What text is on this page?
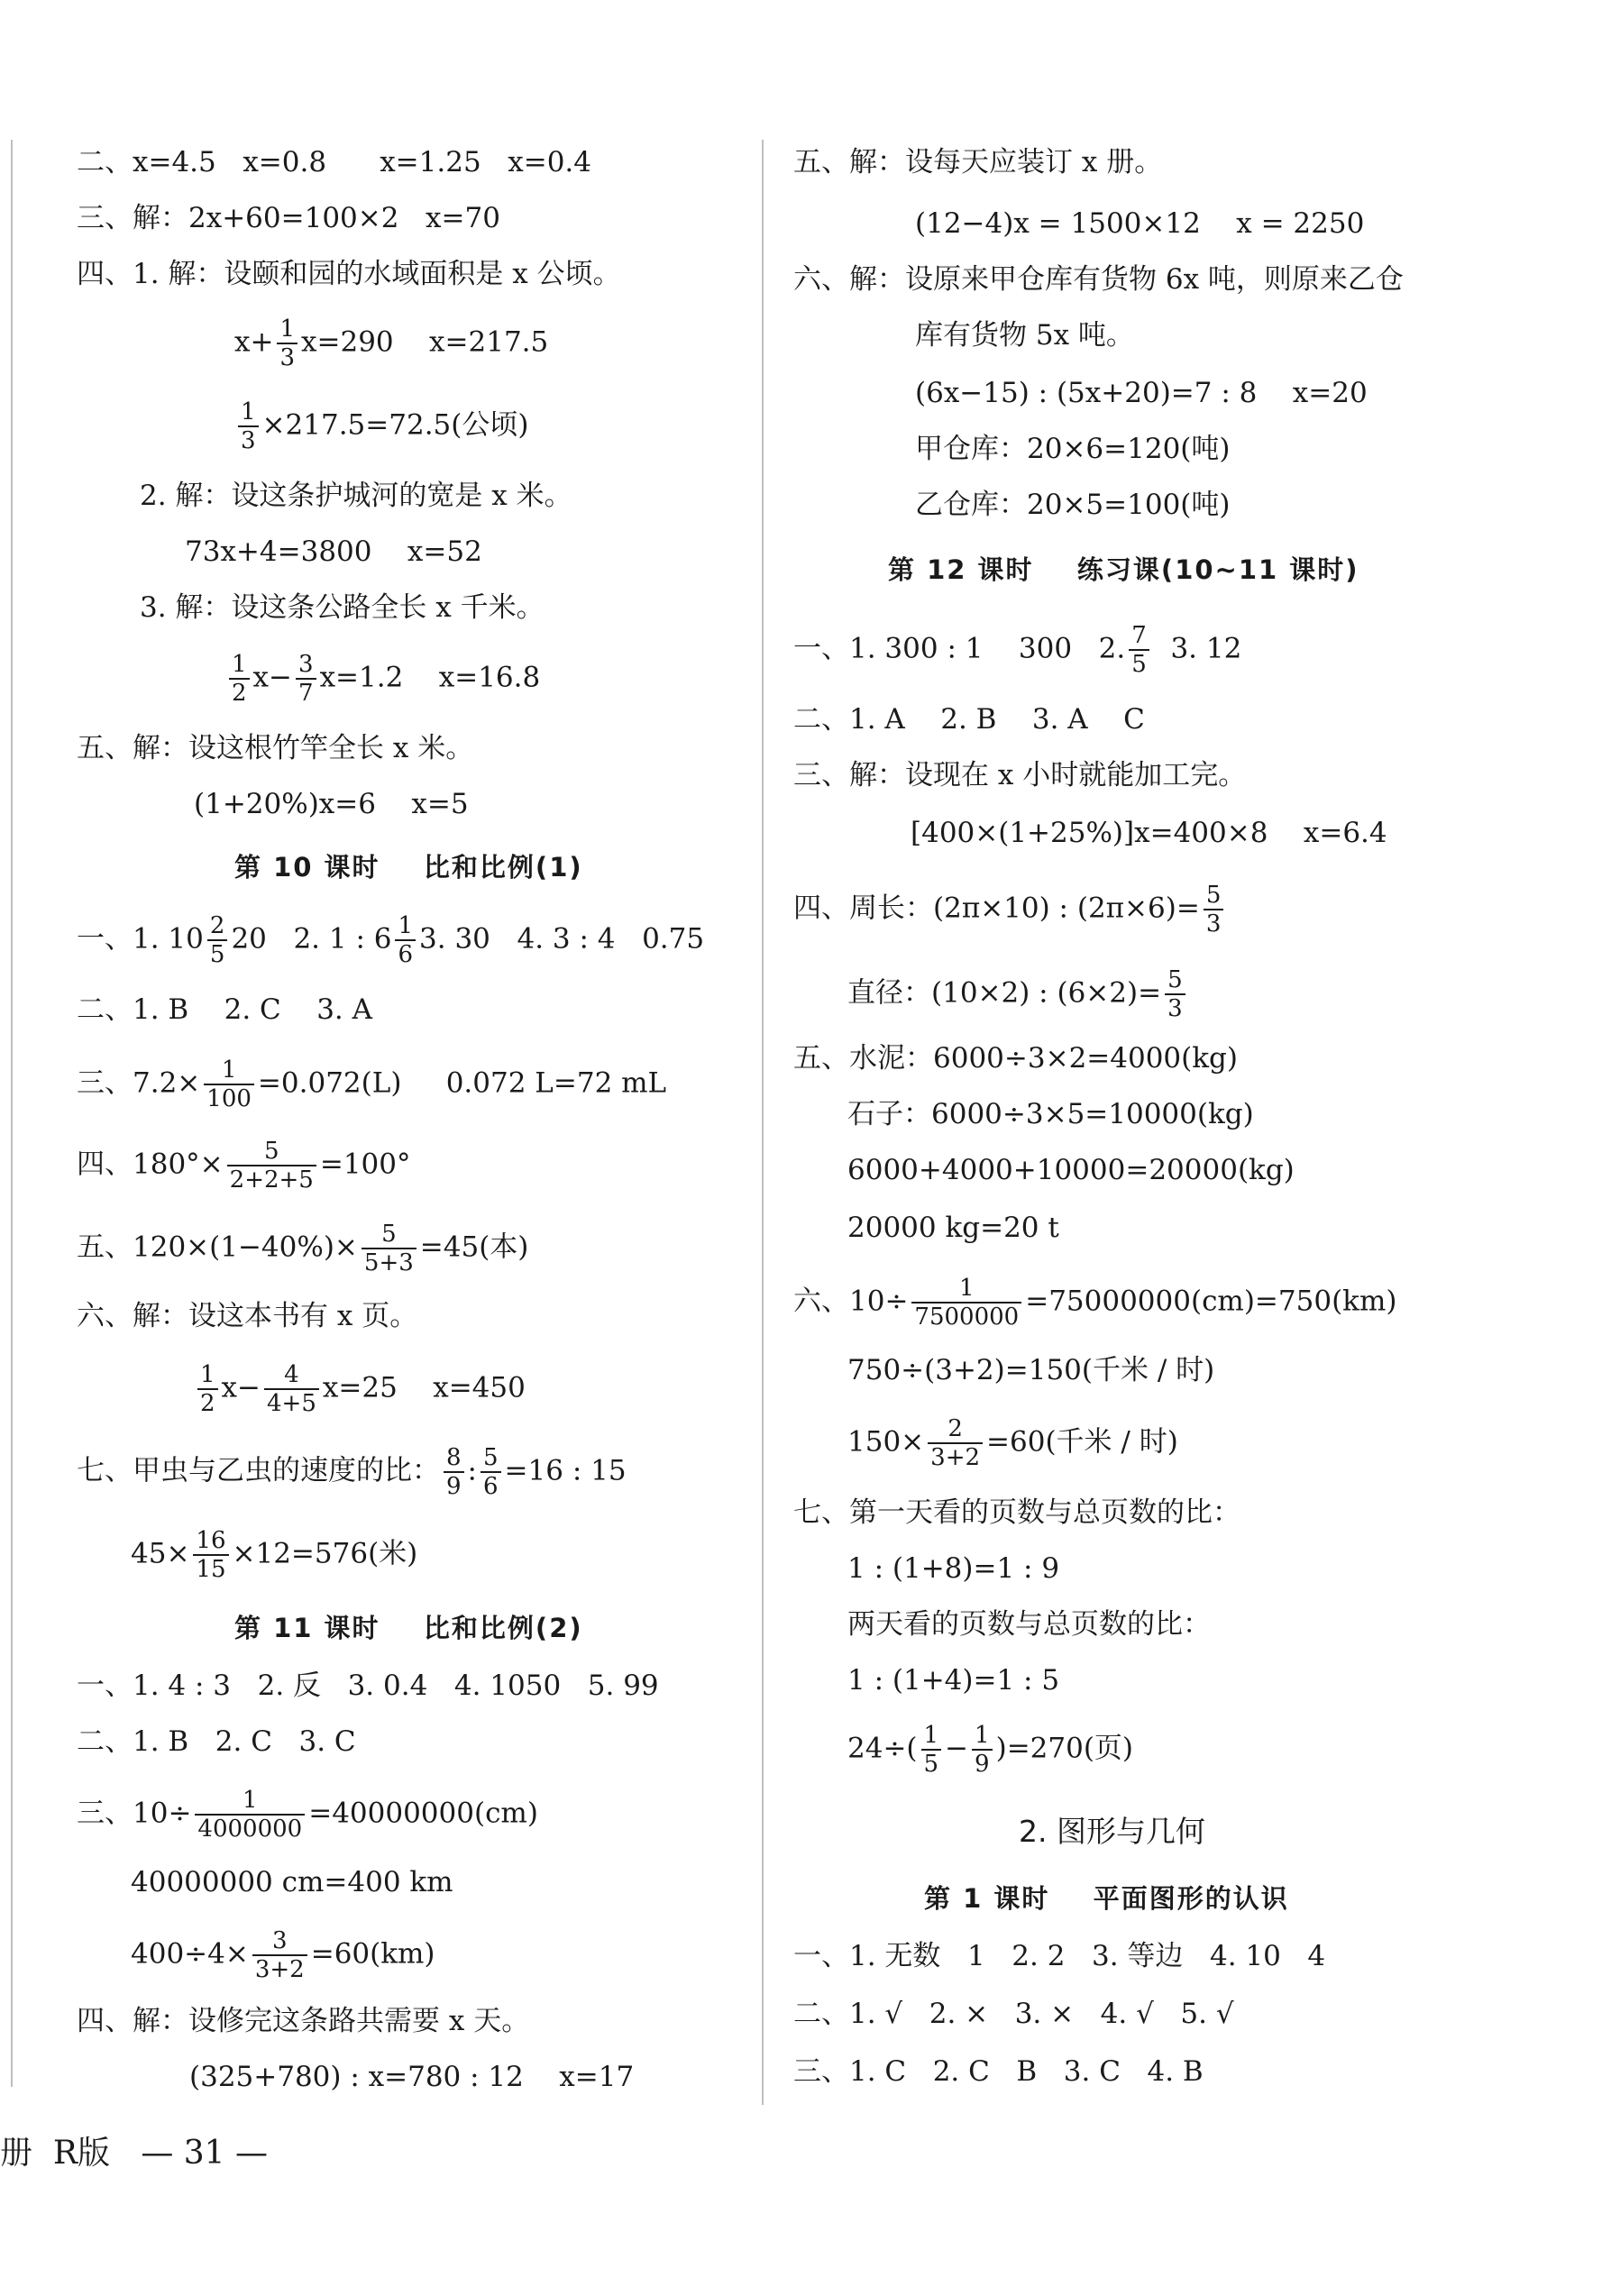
二、x=4.5   x=0.8      x=1.25   x=0.4
三、解：2x+60=100×2   x=70
四、1. 解：设颐和园的水域面积是 x 公顷。
$x+ \frac{1}{3} x=290$    x=217.5
$\frac{1}{3} \times 217.5=72.5$(公顷)
2. 解：设这条护城河的宽是 x 米。
73x+4=3800    x=52
3. 解：设这条公路全长 x 千米。
$\frac{1}{2} x- \frac{3}{7} x=1.2$    x=16.8
五、解：设这根竹竿全长 x 米。
(1+20%)x=6    x=5
第 10 课时    比和比例(1)
一、1. $10 \frac{2}{5} 20$   2. 1 : $6 \frac{1}{6} 3$. 30   4. 3 : 4   0.75
二、1. B    2. C    3. A
三、$7.2\times \frac{1}{100} =0.072(L)$     0.072 L=72 mL
四、$180^\circ\times \frac{5}{2+2+5} =100^\circ$
五、$120\times(1-40\%)\times \frac{5}{5+3} =45$(本)
六、解：设这本书有 x 页。
$\frac{1}{2} x- \frac{4}{4+5} x=25$    x=450
七、甲虫与乙虫的速度的比： $\frac{8}{9}$ : $\frac{5}{6} =16$ : 15
$45\times \frac{16}{15} \times 12=576$(米)
第 11 课时    比和比例(2)
一、1. 4 : 3   2. 反   3. 0.4   4. 1050   5. 99
二、1. B   2. C   3. C
三、$10\div \frac{1}{4000000} =40000000(cm)$
40000000 cm=400 km
$400\div 4\times \frac{3}{3+2} =60(km)$
四、解：设修完这条路共需要 x 天。
(325+780) : x=780 : 12    x=17
五、解：设每天应装订 x 册。
(12−4)x = 1500×12    x = 2250
六、解：设原来甲仓库有货物 6x 吨，则原来乙仓
库有货物 5x 吨。
(6x−15) : (5x+20)=7 : 8    x=20
甲仓库：20×6=120(吨)
乙仓库：20×5=100(吨)
第 12 课时    练习课(10~11 课时)
一、1. 300 : 1    300   2. $\frac{7}{5} 3$. 12
二、1. A    2. B    3. A    C
三、解：设现在 x 小时就能加工完。
[400×(1+25%)]x=400×8    x=6.4
四、周长：(2π×10) : $(2\pi\times 6)= \frac{5}{3}$
直径：(10×2) : $(6\times 2)= \frac{5}{3}$
五、水泥：6000÷3×2=4000(kg)
石子：6000÷3×5=10000(kg)
6000+4000+10000=20000(kg)
20000 kg=20 t
六、$10\div \frac{1}{7500000} =75000000(cm)=750(km)$
750÷(3+2)=150(千米 / 时)
$150\times \frac{2}{3+2} =60$(千米 / 时)
七、第一天看的页数与总页数的比：
1 : (1+8)=1 : 9
两天看的页数与总页数的比：
1 : (1+4)=1 : 5
$24\div( \frac{1}{5} - \frac{1}{9} )=270$(页)
2. 图形与几何
第 1 课时    平面图形的认识
一、1. 无数   1   2. 2   3. 等边   4. 10   4
二、1. √   2. ×   3. ×   4. √   5. √
三、1. C   2. C   B   3. C   4. B
册  R版   — 31 —
